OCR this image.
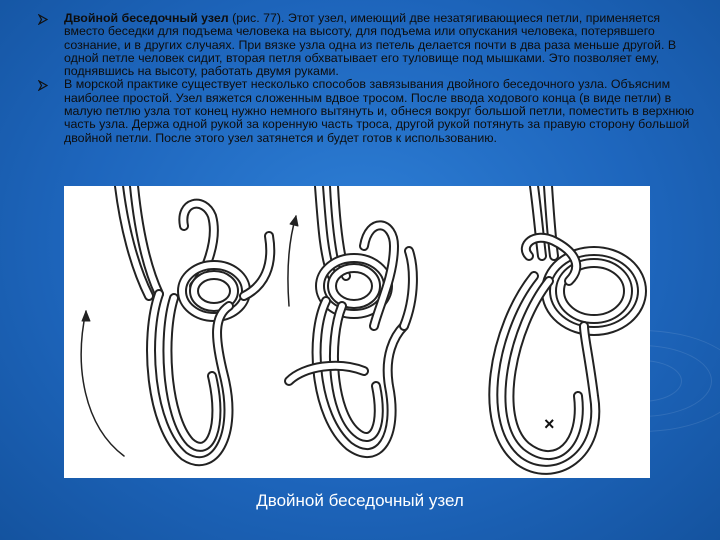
Двойной беседочный узел (рис. 77). Этот узел, имеющий две незатягивающиеся петли, применяется вместо беседки для подъема человека на высоту, для подъема или опускания человека, потерявшего сознание, и в других случаях. При вязке узла одна из петель делается почти в два раза меньше другой. В одной петле человек сидит, вторая петля обхватывает его туловище под мышками. Это позволяет ему, поднявшись на высоту, работать двумя руками.
В морской практике существует несколько способов завязывания двойного беседочного узла. Объясним наиболее простой. Узел вяжется сложенным вдвое тросом. После ввода ходового конца (в виде петли) в малую петлю узла тот конец нужно немного вытянуть и, обнеся вокруг большой петли, поместить в верхнюю часть узла. Держа одной рукой за коренную часть троса, другой рукой потянуть за правую сторону большой двойной петли. После этого узел затянется и будет готов к использованию.
×
Двойной беседочный узел
